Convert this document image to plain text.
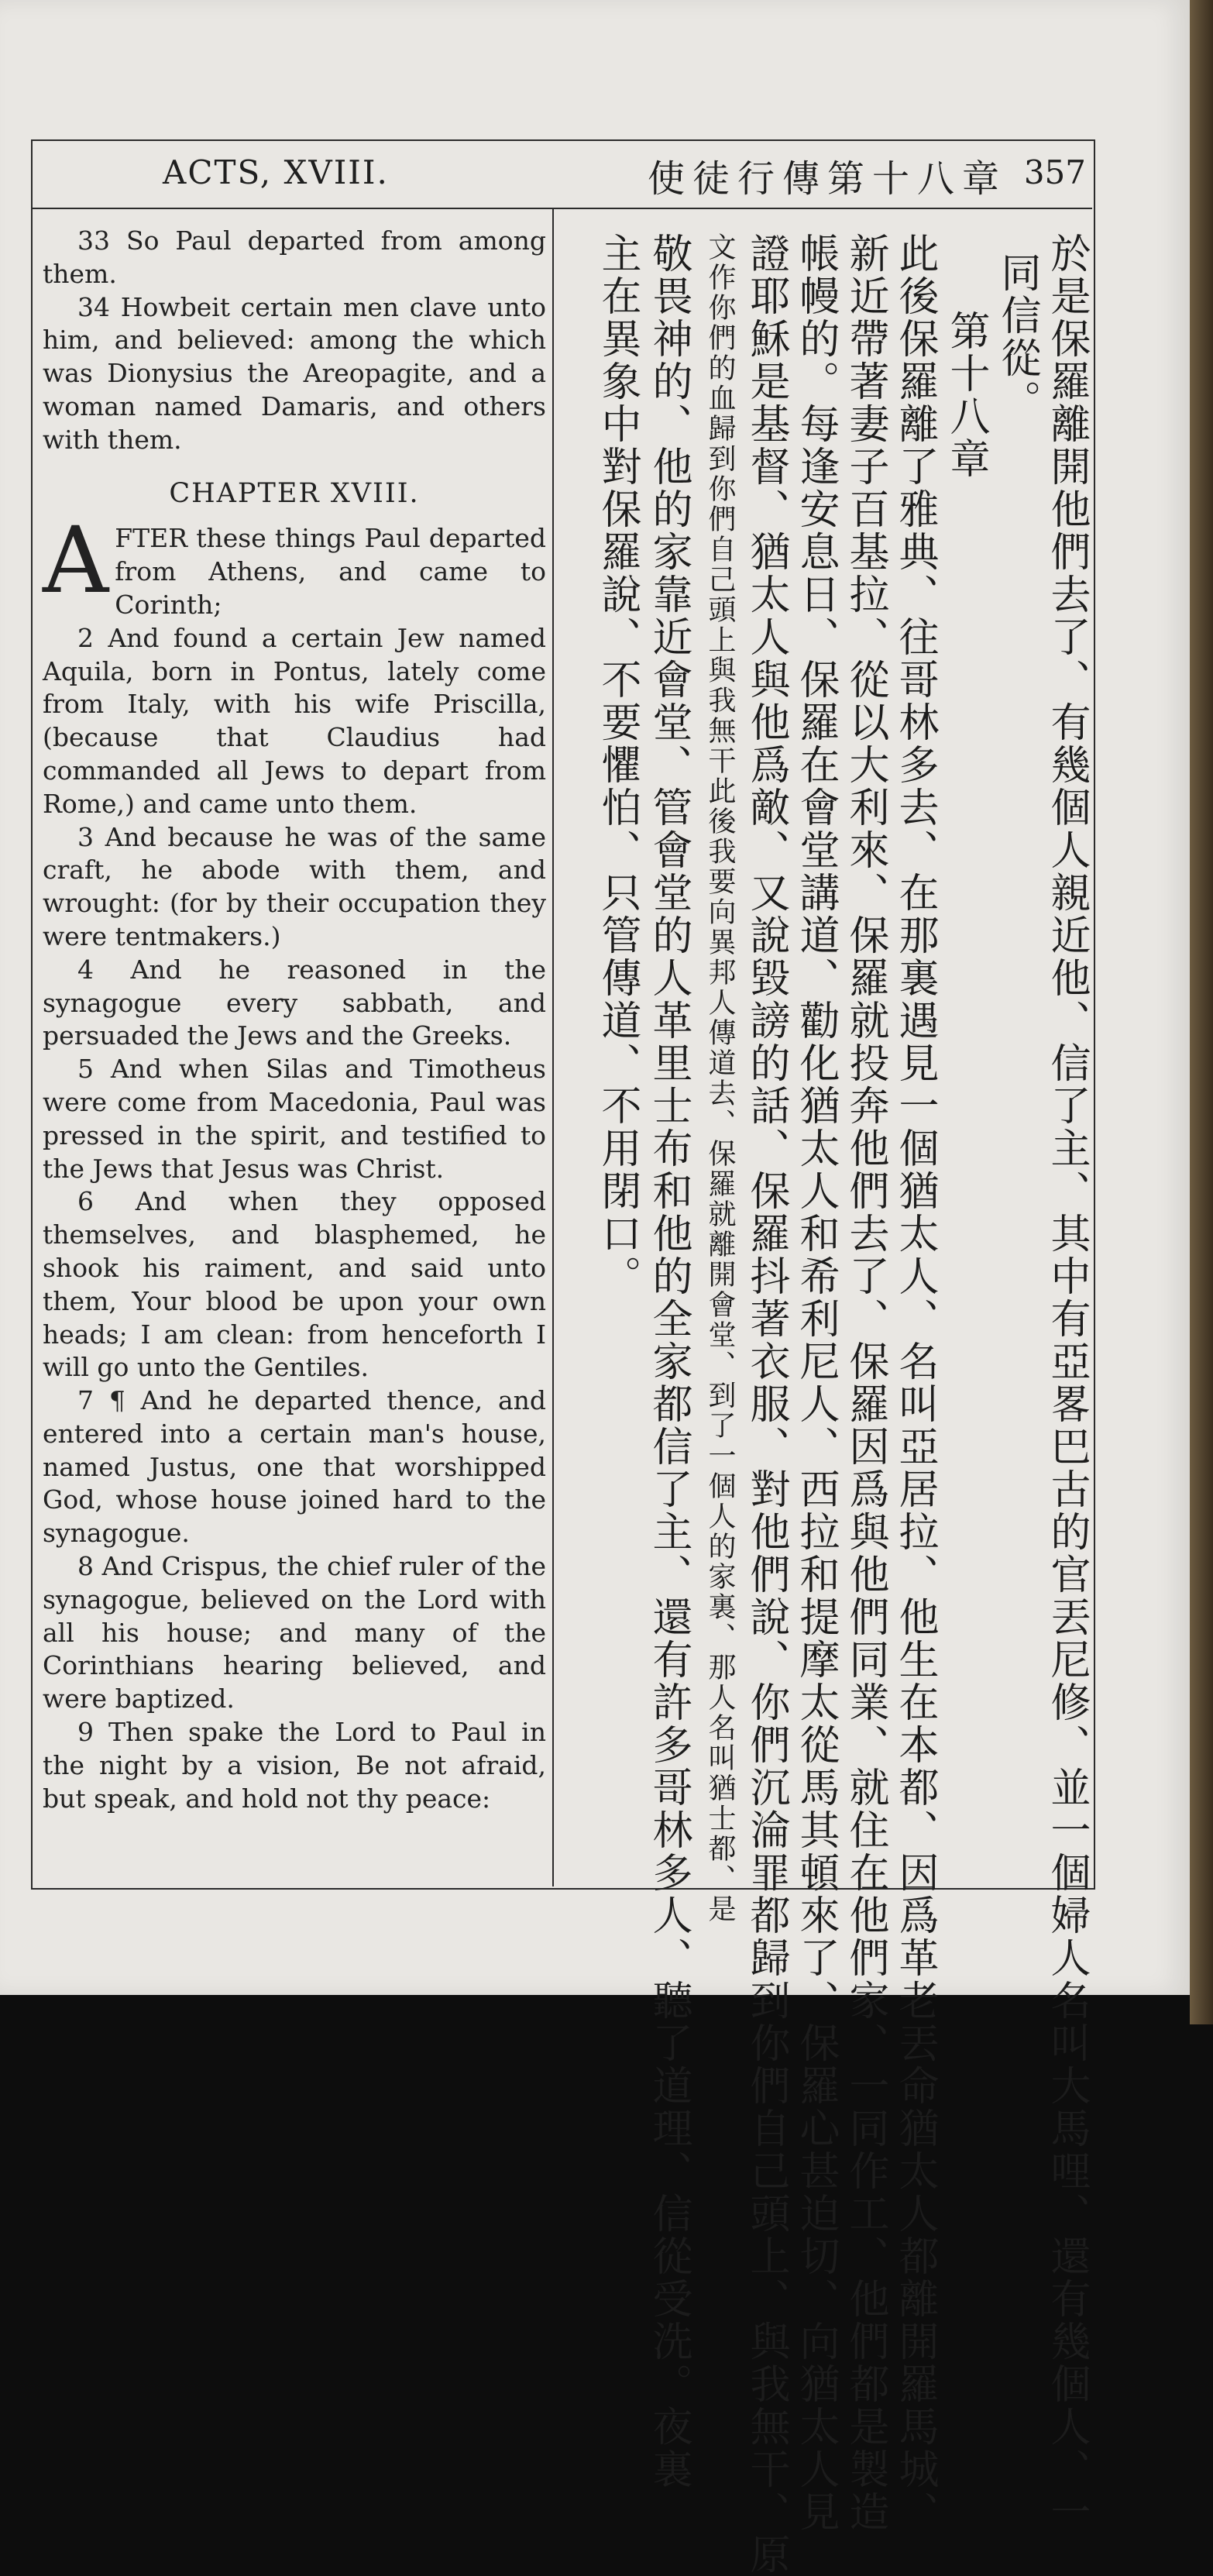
ACTS, XVIII.	使徒行傳第十八章 357

33 So Paul departed from among them.

34 Howbeit certain men clave unto him, and believed: among the which was Dionysius the Areopagite, and a woman named Damaris, and others with them.

CHAPTER XVIII.

AFTER these things Paul departed from Athens, and came to Corinth;

2 And found a certain Jew named Aquila, born in Pontus, lately come from Italy, with his wife Priscilla, (because that Claudius had commanded all Jews to depart from Rome,) and came unto them.

3 And because he was of the same craft, he abode with them, and wrought: (for by their occupation they were tentmakers.)

4 And he reasoned in the synagogue every sabbath, and persuaded the Jews and the Greeks.

5 And when Silas and Timotheus were come from Macedonia, Paul was pressed in the spirit, and testified to the Jews that Jesus was Christ.

6 And when they opposed themselves, and blasphemed, he shook his raiment, and said unto them, Your blood be upon your own heads; I am clean: from henceforth I will go unto the Gentiles.

7 ¶ And he departed thence, and entered into a certain man's house, named Justus, one that worshipped God, whose house joined hard to the synagogue.

8 And Crispus, the chief ruler of the synagogue, believed on the Lord with all his house; and many of the Corinthians hearing believed, and were baptized.

9 Then spake the Lord to Paul in the night by a vision, Be not afraid, but speak, and hold not thy peace:	於是保羅離開他們去了、有幾個人親近他、信了主、其中有亞畧巴古的官丟尼修、並一個婦人名叫大馬哩、還有幾個人、一
同信從。
第十八章
此後保羅離了雅典、往哥林多去、在那裏遇見一個猶太人、名叫亞居拉、他生在本都、因爲革老丟命猶太人都離開羅馬城、
新近帶著妻子百基拉、從以大利來、保羅就投奔他們去了、保羅因爲與他們同業、就住在他們家、一同作工、他們都是製造
帳幔的。每逢安息日、保羅在會堂講道、勸化猶太人和希利尼人、西拉和提摩太從馬其頓來了、保羅心甚迫切、向猶太人見
證耶穌是基督、猶太人與他爲敵、又說毀謗的話、保羅抖著衣服、對他們說、你們沉淪罪都歸到你們自己頭上、與我無干、原
文作你們的血歸到你們自己頭上與我無干此後我要向異邦人傳道去、保羅就離開會堂、到了一個人的家裏、那人名叫猶士都、是
敬畏神的、他的家靠近會堂、管會堂的人革里士布和他的全家都信了主、還有許多哥林多人、聽了道理、信從受洗。夜裏
主在異象中對保羅說、不要懼怕、只管傳道、不用閉口。
